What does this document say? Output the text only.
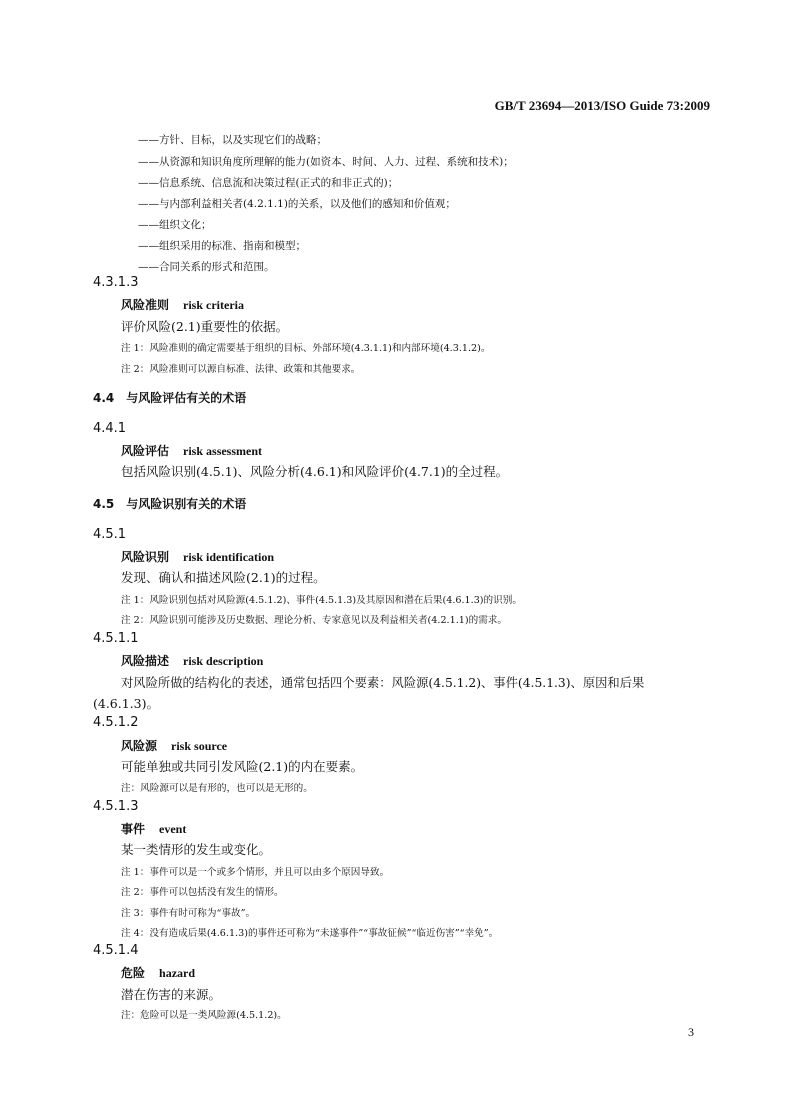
GB/T 23694—2013/ISO Guide 73:2009
——方针、目标，以及实现它们的战略；
——从资源和知识角度所理解的能力(如资本、时间、人力、过程、系统和技术)；
——信息系统、信息流和决策过程(正式的和非正式的)；
——与内部利益相关者(4.2.1.1)的关系，以及他们的感知和价值观；
——组织文化；
——组织采用的标准、指南和模型；
——合同关系的形式和范围。
4.3.1.3
风险准则 risk criteria
评价风险(2.1)重要性的依据。
注 1：风险准则的确定需要基于组织的目标、外部环境(4.3.1.1)和内部环境(4.3.1.2)。
注 2：风险准则可以源自标准、法律、政策和其他要求。
4.4 与风险评估有关的术语
4.4.1
风险评估 risk assessment
包括风险识别(4.5.1)、风险分析(4.6.1)和风险评价(4.7.1)的全过程。
4.5 与风险识别有关的术语
4.5.1
风险识别 risk identification
发现、确认和描述风险(2.1)的过程。
注 1：风险识别包括对风险源(4.5.1.2)、事件(4.5.1.3)及其原因和潜在后果(4.6.1.3)的识别。
注 2：风险识别可能涉及历史数据、理论分析、专家意见以及利益相关者(4.2.1.1)的需求。
4.5.1.1
风险描述 risk description
对风险所做的结构化的表述，通常包括四个要素：风险源(4.5.1.2)、事件(4.5.1.3)、原因和后果
(4.6.1.3)。
4.5.1.2
风险源 risk source
可能单独或共同引发风险(2.1)的内在要素。
注：风险源可以是有形的，也可以是无形的。
4.5.1.3
事件 event
某一类情形的发生或变化。
注 1：事件可以是一个或多个情形，并且可以由多个原因导致。
注 2：事件可以包括没有发生的情形。
注 3：事件有时可称为“事故”。
注 4：没有造成后果(4.6.1.3)的事件还可称为“未遂事件”“事故征候”“临近伤害”“幸免”。
4.5.1.4
危险 hazard
潜在伤害的来源。
注：危险可以是一类风险源(4.5.1.2)。
3
